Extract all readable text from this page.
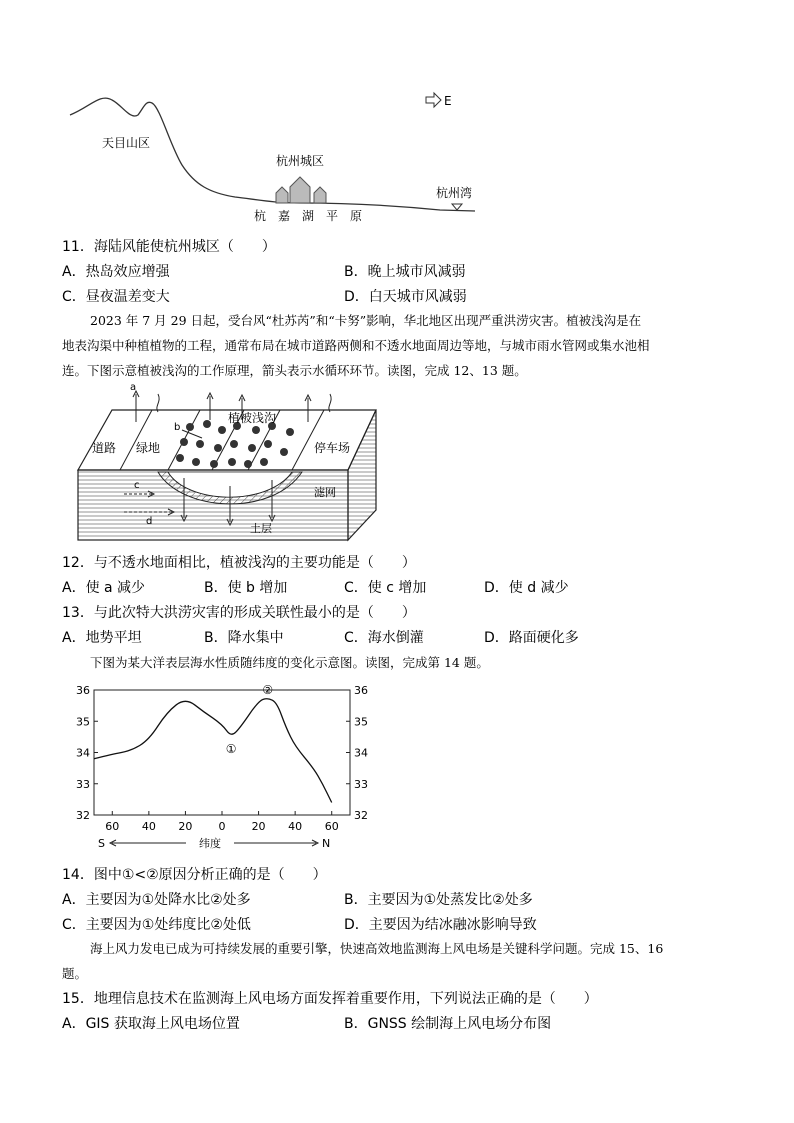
E
天目山区
杭州城区
杭州湾
杭 嘉 湖 平 原
11．海陆风能使杭州城区（　　）
A．热岛效应增强	B．晚上城市风减弱
C．昼夜温差变大	D．白天城市风减弱
2023 年 7 月 29 日起，受台风“杜苏芮”和“卡努”影响，华北地区出现严重洪涝灾害。植被浅沟是在
地表沟渠中种植植物的工程，通常布局在城市道路两侧和不透水地面周边等地，与城市雨水管网或集水池相
连。下图示意植被浅沟的工作原理，箭头表示水循环环节。读图，完成 12、13 题。
a
b
c
d
道路 绿地
植被浅沟
停车场
滤网
土层
12．与不透水地面相比，植被浅沟的主要功能是（　　）
A．使 a 减少	B．使 b 增加	C．使 c 增加	D．使 d 减少
13．与此次特大洪涝灾害的形成关联性最小的是（　　）
A．地势平坦	B．降水集中	C．海水倒灌	D．路面硬化多
下图为某大洋表层海水性质随纬度的变化示意图。读图，完成第 14 题。
32
33
34
35
36
32
33
34
35
36
60 40 20 0 20 40 60
①
②
S	N
纬度
14．图中①<②原因分析正确的是（　　）
A．主要因为①处降水比②处多	B．主要因为①处蒸发比②处多
C．主要因为①处纬度比②处低	D．主要因为结冰融冰影响导致
海上风力发电已成为可持续发展的重要引擎，快速高效地监测海上风电场是关键科学问题。完成 15、16
题。
15．地理信息技术在监测海上风电场方面发挥着重要作用，下列说法正确的是（　　）
A．GIS 获取海上风电场位置	B．GNSS 绘制海上风电场分布图
